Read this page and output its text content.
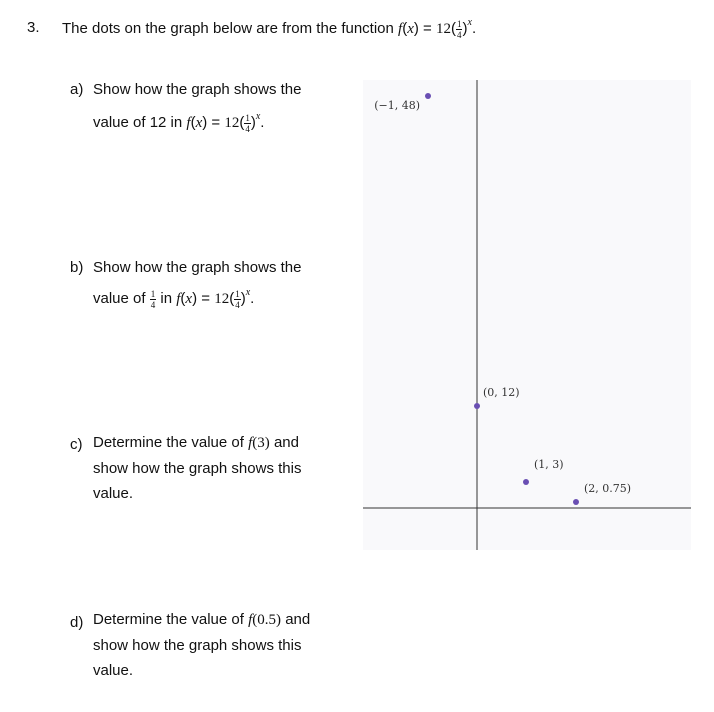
3. The dots on the graph below are from the function $f(x) = 12( \frac{1}{4} )^x$.
a) Show how the graph shows the
value of 12 in $f(x) = 12( \frac{1}{4} )^x$.
b) Show how the graph shows the
value of $\frac{1}{4}$ in $f(x) = 12( \frac{1}{4} )^x$.
c) Determine the value of f(3) and
show how the graph shows this
value.
d) Determine the value of f(0.5) and
show how the graph shows this
value.
(−1, 48)
(0, 12)
(1, 3)
(2, 0.75)
